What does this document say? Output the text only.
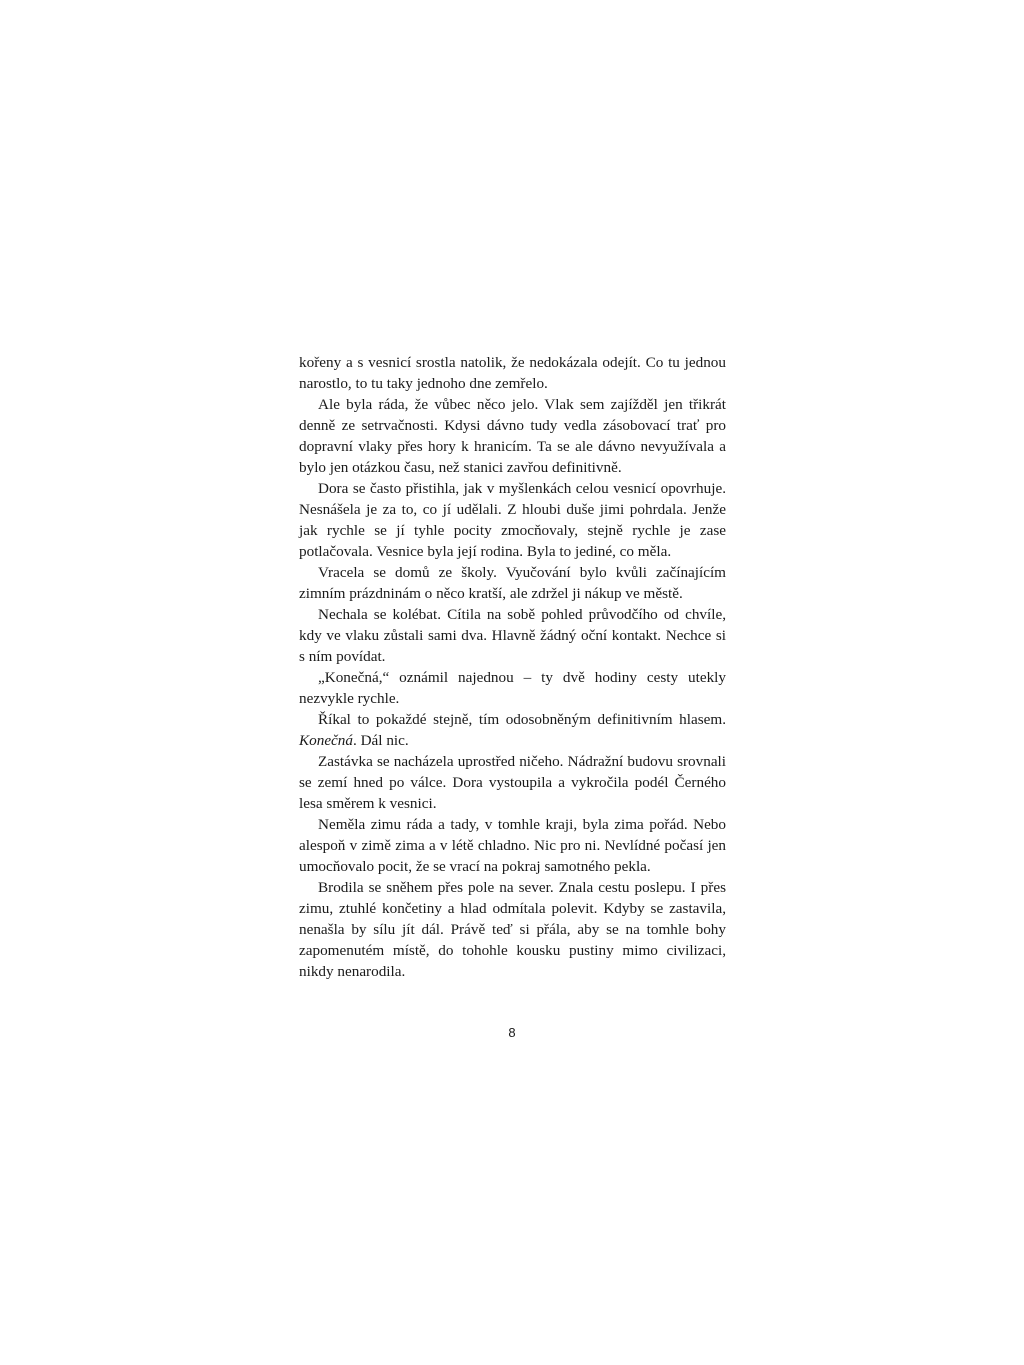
kořeny a s vesnicí srostla natolik, že nedokázala odejít. Co tu jednou narostlo, to tu taky jednoho dne zemřelo.

Ale byla ráda, že vůbec něco jelo. Vlak sem zajížděl jen třikrát denně ze setrvačnosti. Kdysi dávno tudy vedla zásobovací trať pro dopravní vlaky přes hory k hranicím. Ta se ale dávno nevyužívala a bylo jen otázkou času, než stanici zavřou definitivně.

Dora se často přistihla, jak v myšlenkách celou vesnicí opovrhuje. Nesnášela je za to, co jí udělali. Z hloubi duše jimi pohrdala. Jenže jak rychle se jí tyhle pocity zmocňovaly, stejně rychle je zase potlačovala. Vesnice byla její rodina. Byla to jediné, co měla.

Vracela se domů ze školy. Vyučování bylo kvůli začínajícím zimním prázdninám o něco kratší, ale zdržel ji nákup ve městě.

Nechala se kolébat. Cítila na sobě pohled průvodčího od chvíle, kdy ve vlaku zůstali sami dva. Hlavně žádný oční kontakt. Nechce si s ním povídat.

„Konečná,“ oznámil najednou – ty dvě hodiny cesty utekly nezvykle rychle.

Říkal to pokaždé stejně, tím odosobněným definitivním hlasem. Konečná. Dál nic.

Zastávka se nacházela uprostřed ničeho. Nádražní budovu srovnali se zemí hned po válce. Dora vystoupila a vykročila podél Černého lesa směrem k vesnici.

Neměla zimu ráda a tady, v tomhle kraji, byla zima pořád. Nebo alespoň v zimě zima a v létě chladno. Nic pro ni. Nevlídné počasí jen umocňovalo pocit, že se vrací na pokraj samotného pekla.

Brodila se sněhem přes pole na sever. Znala cestu poslepu. I přes zimu, ztuhlé končetiny a hlad odmítala polevit. Kdyby se zastavila, nenašla by sílu jít dál. Právě teď si přála, aby se na tomhle bohy zapomenutém místě, do tohohle kousku pustiny mimo civilizaci, nikdy nenarodila.

8
